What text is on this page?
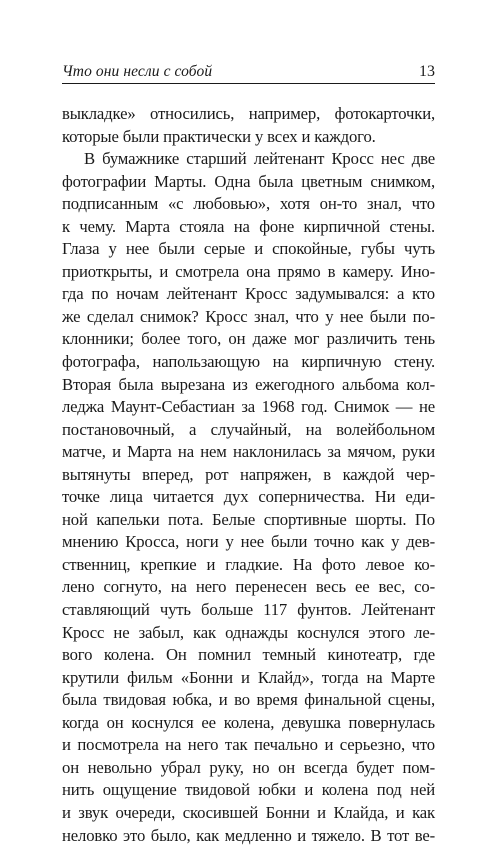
Что они несли с собой	13
выкладке» относились, например, фотокарточки,
которые были практически у всех и каждого.
В бумажнике старший лейтенант Кросс нес две
фотографии Марты. Одна была цветным снимком,
подписанным «с любовью», хотя он-то знал, что
к чему. Марта стояла на фоне кирпичной стены.
Глаза у нее были серые и спокойные, губы чуть
приоткрыты, и смотрела она прямо в камеру. Ино-
гда по ночам лейтенант Кросс задумывался: а кто
же сделал снимок? Кросс знал, что у нее были по-
клонники; более того, он даже мог различить тень
фотографа, напользающую на кирпичную стену.
Вторая была вырезана из ежегодного альбома кол-
леджа Маунт-Себастиан за 1968 год. Снимок — не
постановочный, а случайный, на волейбольном
матче, и Марта на нем наклонилась за мячом, руки
вытянуты вперед, рот напряжен, в каждой чер-
точке лица читается дух соперничества. Ни еди-
ной капельки пота. Белые спортивные шорты. По
мнению Кросса, ноги у нее были точно как у дев-
ственниц, крепкие и гладкие. На фото левое ко-
лено согнуто, на него перенесен весь ее вес, со-
ставляющий чуть больше 117 фунтов. Лейтенант
Кросс не забыл, как однажды коснулся этого ле-
вого колена. Он помнил темный кинотеатр, где
крутили фильм «Бонни и Клайд», тогда на Марте
была твидовая юбка, и во время финальной сцены,
когда он коснулся ее колена, девушка повернулась
и посмотрела на него так печально и серьезно, что
он невольно убрал руку, но он всегда будет пом-
нить ощущение твидовой юбки и колена под ней
и звук очереди, скосившей Бонни и Клайда, и как
неловко это было, как медленно и тяжело. В тот ве-
